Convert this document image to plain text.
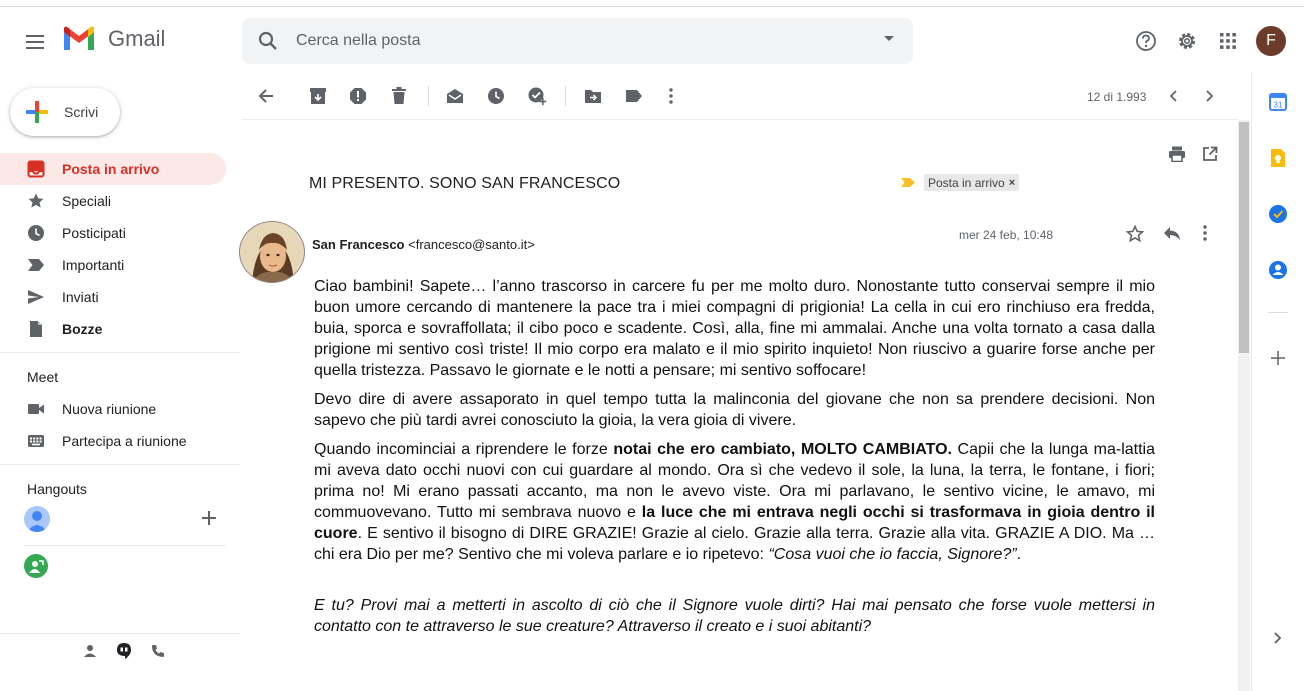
Gmail
Cerca nella posta	F
Scrivi
Posta in arrivo
Speciali
Posticipati
Importanti
Inviati
Bozze
Meet
Nuova riunione
Partecipa a riunione
Hangouts
12 di 1.993
31
MI PRESENTO. SONO SAN FRANCESCO	Posta in arrivo ×
San Francesco <francesco@santo.it>
mer 24 feb, 10:48

Ciao bambini! Sapete… l’anno trascorso in carcere fu per me molto duro. Nonostante tutto conservai sempre il mio buon umore cercando di mantenere la pace tra i miei compagni di prigionia! La cella in cui ero rinchiuso era fredda, buia, sporca e sovraffollata; il cibo poco e scadente. Così, alla, fine mi ammalai. Anche una volta tornato a casa dalla prigione mi sentivo così triste! Il mio corpo era malato e il mio spirito inquieto! Non riuscivo a guarire forse anche per quella tristezza. Passavo le giornate e le notti a pensare; mi sentivo soffocare!

Devo dire di avere assaporato in quel tempo tutta la malinconia del giovane che non sa prendere decisioni. Non sapevo che più tardi avrei conosciuto la gioia, la vera gioia di vivere.

Quando incominciai a riprendere le forze notai che ero cambiato, MOLTO CAMBIATO. Capii che la lunga ma-lattia mi aveva dato occhi nuovi con cui guardare al mondo. Ora sì che vedevo il sole, la luna, la terra, le fontane, i fiori; prima no! Mi erano passati accanto, ma non le avevo viste. Ora mi parlavano, le sentivo vicine, le amavo, mi commuovevano. Tutto mi sembrava nuovo e la luce che mi entrava negli occhi si trasformava in gioia dentro il cuore. E sentivo il bisogno di DIRE GRAZIE! Grazie al cielo. Grazie alla terra. Grazie alla vita. GRAZIE A DIO. Ma … chi era Dio per me? Sentivo che mi voleva parlare e io ripetevo: “Cosa vuoi che io faccia, Signore?”.

E tu? Provi mai a metterti in ascolto di ciò che il Signore vuole dirti? Hai mai pensato che forse vuole mettersi in contatto con te attraverso le sue creature? Attraverso il creato e i suoi abitanti?
